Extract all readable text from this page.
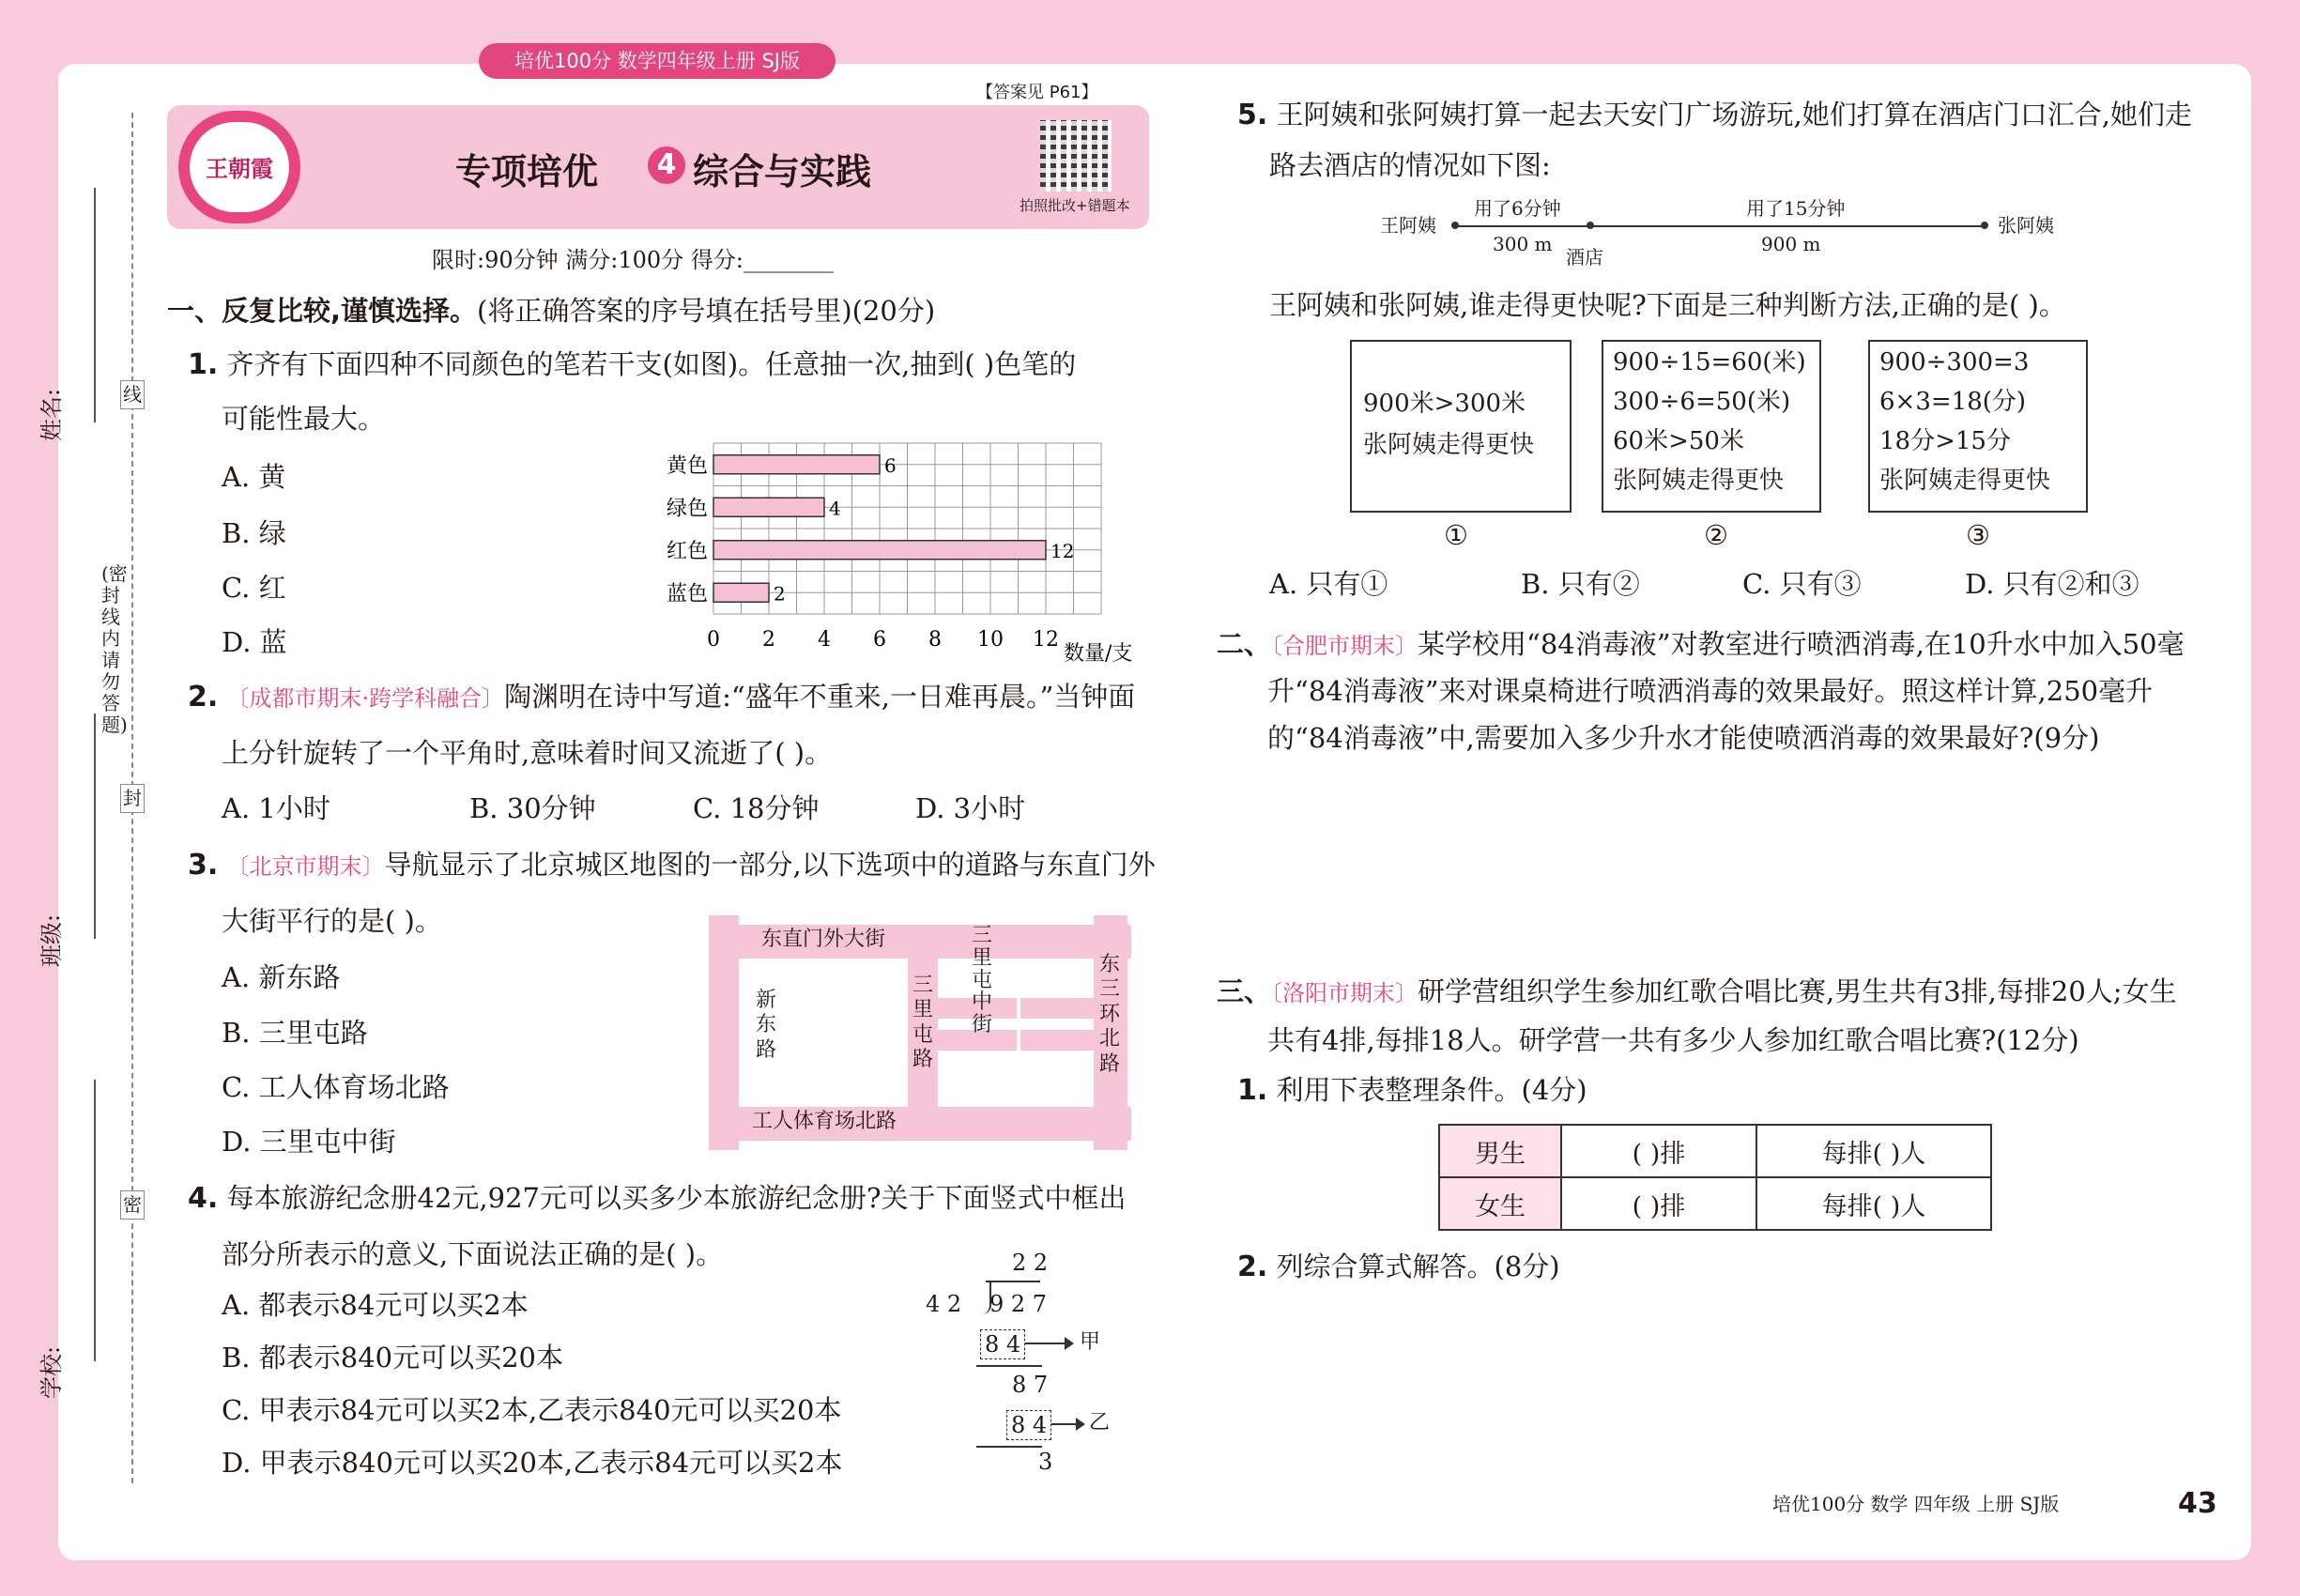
培优100分 数学四年级上册 SJ版
王朝霞	专项培优	4 综合与实践
【答案见 P61】
拍照批改+错题本
限时:90分钟 满分:100分 得分:________
姓名:
班级:
学校:
线
封
密
(密封线内请勿答题)
一、反复比较,谨慎选择。(将正确答案的序号填在括号里)(20分)
1. 齐齐有下面四种不同颜色的笔若干支(如图)。任意抽一次,抽到( )色笔的
可能性最大。
A. 黄
B. 绿
C. 红
D. 蓝
6
4
12
2
黄色
绿色
红色
蓝色
0 2 4 6 8 10 12
数量/支
2. 〔成都市期末·跨学科融合〕陶渊明在诗中写道:“盛年不重来,一日难再晨。”当钟面
上分针旋转了一个平角时,意味着时间又流逝了( )。
A. 1小时	B. 30分钟	C. 18分钟	D. 3小时
3. 〔北京市期末〕导航显示了北京城区地图的一部分,以下选项中的道路与东直门外
大街平行的是( )。
A. 新东路
B. 三里屯路
C. 工人体育场北路
D. 三里屯中街
东直门外大街
新东路
三里屯路
三里屯中街
东三环北路
工人体育场北路
4. 每本旅游纪念册42元,927元可以买多少本旅游纪念册?关于下面竖式中框出
部分所表示的意义,下面说法正确的是( )。
A. 都表示84元可以买2本
B. 都表示840元可以买20本
C. 甲表示84元可以买2本,乙表示840元可以买20本
D. 甲表示840元可以买20本,乙表示84元可以买2本
2 2
4 2 9 2 7
8 4	甲
8 7
8 4 乙
3
5. 王阿姨和张阿姨打算一起去天安门广场游玩,她们打算在酒店门口汇合,她们走
路去酒店的情况如下图:
王阿姨	张阿姨
用了6分钟
300 m
酒店
用了15分钟
900 m
王阿姨和张阿姨,谁走得更快呢?下面是三种判断方法,正确的是( )。
900米>300米
张阿姨走得更快
900÷15=60(米)
300÷6=50(米)
60米>50米
张阿姨走得更快
900÷300=3
6×3=18(分)
18分>15分
张阿姨走得更快
①	②	③
A. 只有①	B. 只有②	C. 只有③	D. 只有②和③
二、〔合肥市期末〕某学校用“84消毒液”对教室进行喷洒消毒,在10升水中加入50毫
升“84消毒液”来对课桌椅进行喷洒消毒的效果最好。照这样计算,250毫升
的“84消毒液”中,需要加入多少升水才能使喷洒消毒的效果最好?(9分)
三、〔洛阳市期末〕研学营组织学生参加红歌合唱比赛,男生共有3排,每排20人;女生
共有4排,每排18人。研学营一共有多少人参加红歌合唱比赛?(12分)
1. 利用下表整理条件。(4分)
男生	( )排	每排( )人
女生	( )排	每排( )人
2. 列综合算式解答。(8分)
培优100分 数学 四年级 上册 SJ版	43
